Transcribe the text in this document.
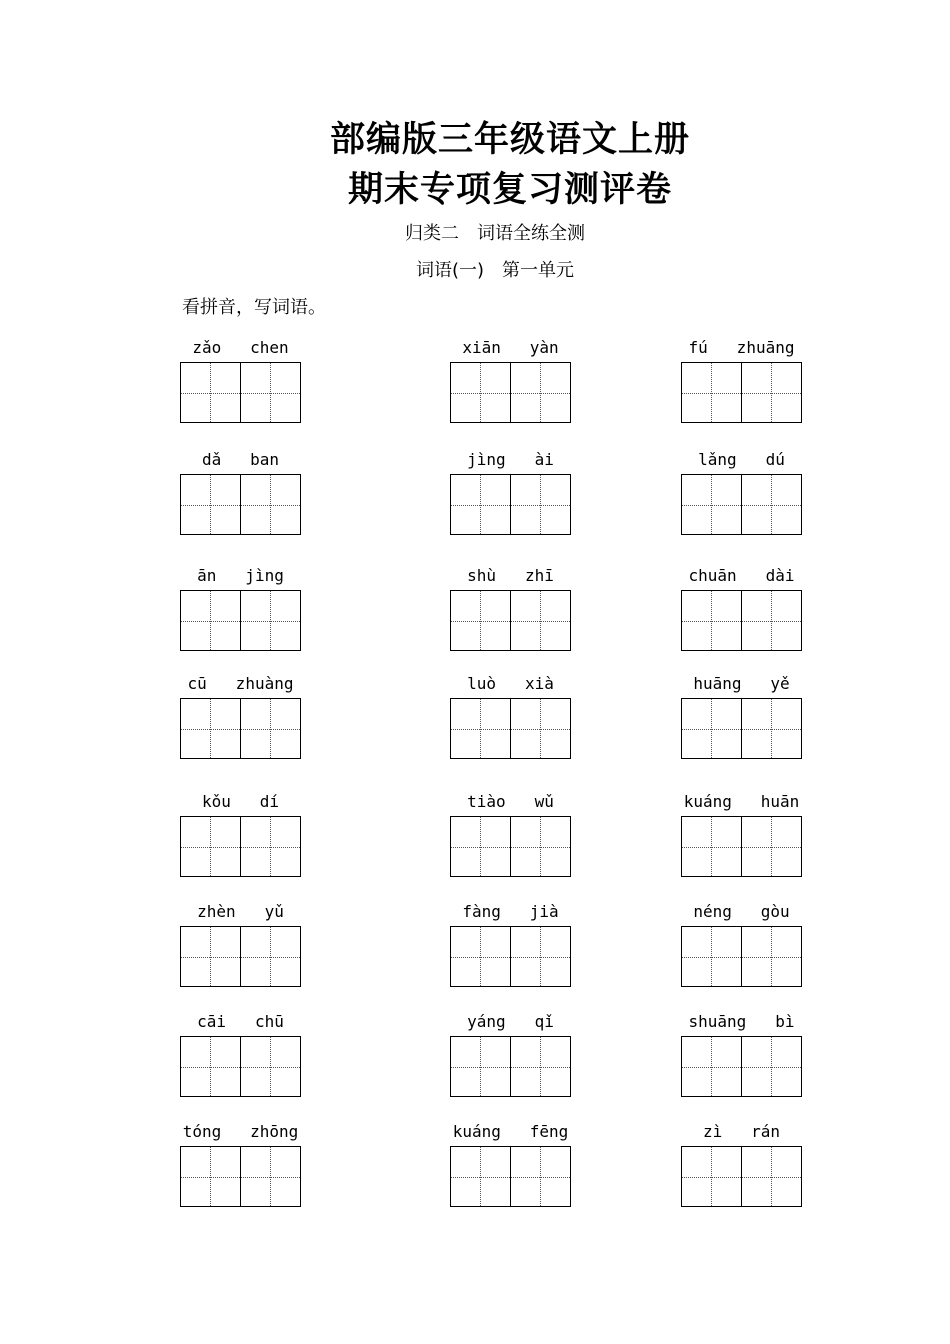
部编版三年级语文上册
期末专项复习测评卷
归类二　词语全练全测
词语(一)　第一单元
看拼音，写词语。
zǎo   chen	xiān   yàn	fú   zhuāng
dǎ   ban	jìng   ài	lǎng   dú
ān   jìng	shù   zhī	chuān   dài
cū   zhuàng	luò   xià	huāng   yě
kǒu   dí	tiào   wǔ	kuáng   huān
zhèn   yǔ	fàng   jià	néng   gòu
cāi   chū	yáng   qǐ	shuāng   bì
tóng   zhōng	kuáng   fēng	zì   rán
